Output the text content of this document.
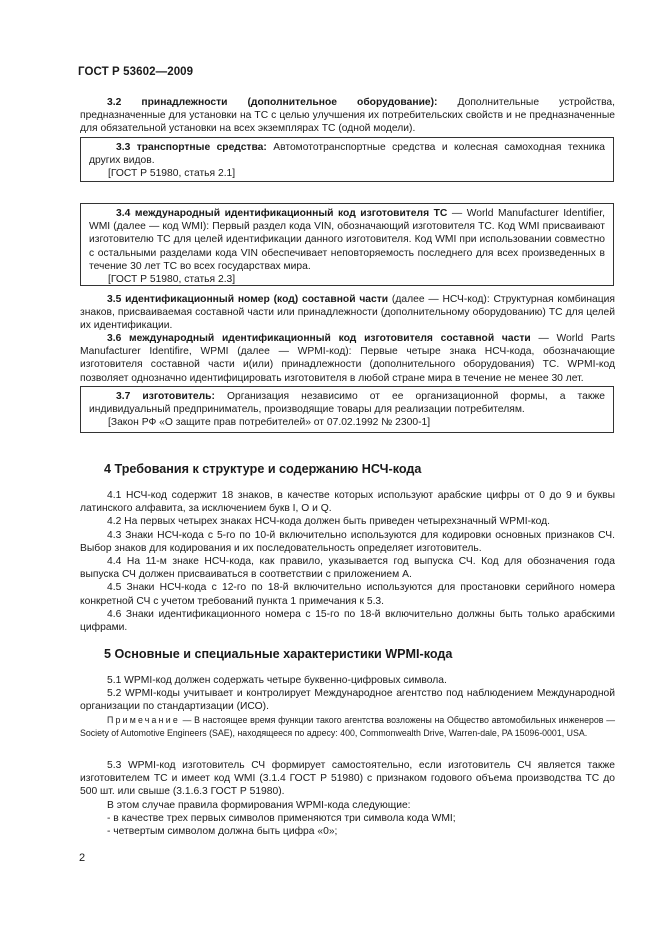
ГОСТ Р 53602—2009

3.2 принадлежности (дополнительное оборудование): Дополнительные устройства, предназначенные для установки на ТС с целью улучшения их потребительских свойств и не предназначенные для обязательной установки на всех экземплярах ТС (одной модели).

3.3 транспортные средства: Автомототранспортные средства и колесная самоходная техника других видов.

[ГОСТ Р 51980, статья 2.1]

3.4 международный идентификационный код изготовителя ТС — World Manufacturer Identifier, WMI (далее — код WMI): Первый раздел кода VIN, обозначающий изготовителя ТС. Код WMI присваивают изготовителю ТС для целей идентификации данного изготовителя. Код WMI при использовании совместно с остальными разделами кода VIN обеспечивает неповторяемость последнего для всех произведенных в течение 30 лет ТС во всех государствах мира.

[ГОСТ Р 51980, статья 2.3]

3.5 идентификационный номер (код) составной части (далее — НСЧ-код): Структурная комбинация знаков, присваиваемая составной части или принадлежности (дополнительному оборудованию) ТС для целей их идентификации.

3.6 международный идентификационный код изготовителя составной части — World Parts Manufacturer Identifire, WPMI (далее — WPMI-код): Первые четыре знака НСЧ-кода, обозначающие изготовителя составной части и(или) принадлежности (дополнительного оборудования) ТС. WPMI-код позволяет однозначно идентифицировать изготовителя в любой стране мира в течение не менее 30 лет.

3.7 изготовитель: Организация независимо от ее организационной формы, а также индивидуальный предприниматель, производящие товары для реализации потребителям.

[Закон РФ «О защите прав потребителей» от 07.02.1992 № 2300-1]

4 Требования к структуре и содержанию НСЧ-кода

4.1 НСЧ-код содержит 18 знаков, в качестве которых используют арабские цифры от 0 до 9 и буквы латинского алфавита, за исключением букв I, O и Q.

4.2 На первых четырех знаках НСЧ-кода должен быть приведен четырехзначный WPMI-код.

4.3 Знаки НСЧ-кода с 5-го по 10-й включительно используются для кодировки основных признаков СЧ. Выбор знаков для кодирования и их последовательность определяет изготовитель.

4.4 На 11-м знаке НСЧ-кода, как правило, указывается год выпуска СЧ. Код для обозначения года выпуска СЧ должен присваиваться в соответствии с приложением А.

4.5 Знаки НСЧ-кода с 12-го по 18-й включительно используются для простановки серийного номера конкретной СЧ с учетом требований пункта 1 примечания к 5.3.

4.6 Знаки идентификационного номера с 15-го по 18-й включительно должны быть только арабскими цифрами.

5 Основные и специальные характеристики WPMI-кода

5.1 WPMI-код должен содержать четыре буквенно-цифровых символа.

5.2 WPMI-коды учитывает и контролирует Международное агентство под наблюдением Международной организации по стандартизации (ИСО).

Примечание — В настоящее время функции такого агентства возложены на Общество автомобильных инженеров — Society of Automotive Engineers (SAE), находящееся по адресу: 400, Commonwealth Drive, Warren-dale, PA 15096-0001, USA.

5.3 WPMI-код изготовитель СЧ формирует самостоятельно, если изготовитель СЧ является также изготовителем ТС и имеет код WMI (3.1.4 ГОСТ Р 51980) с признаком годового объема производства ТС до 500 шт. или свыше (3.1.6.3 ГОСТ Р 51980).

В этом случае правила формирования WPMI-кода следующие:

- в качестве трех первых символов применяются три символа кода WMI;

- четвертым символом должна быть цифра «0»;

2
